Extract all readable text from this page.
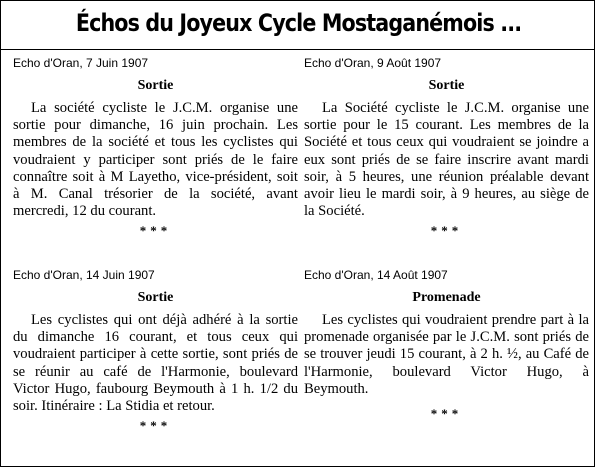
Échos du Joyeux Cycle Mostaganémois ...

Echo d'Oran, 7 Juin 1907

Sortie
La société cycliste le J.C.M. organise une sortie pour dimanche, 16 juin prochain. Les membres de la société et tous les cyclistes qui voudraient y participer sont priés de le faire connaître soit à M Layetho, vice-président, soit à M. Canal trésorier de la société, avant mercredi, 12 du courant.
***

Echo d'Oran, 9 Août 1907

Sortie
La Société cycliste le J.C.M. organise une sortie pour le 15 courant. Les membres de la Société et tous ceux qui voudraient se joindre a eux sont priés de se faire inscrire avant mardi soir, à 5 heures, une réunion préalable devant avoir lieu le mardi soir, à 9 heures, au siège de la Société.
***

Echo d'Oran, 14 Juin 1907

Sortie
Les cyclistes qui ont déjà adhéré à la sortie du dimanche 16 courant, et tous ceux qui voudraient participer à cette sortie, sont priés de se réunir au café de l'Harmonie, boulevard Victor Hugo, faubourg Beymouth à 1 h. 1/2 du soir. Itinéraire : La Stidia et retour.
***

Echo d'Oran, 14 Août 1907

Promenade
Les cyclistes qui voudraient prendre part à la promenade organisée par le J.C.M. sont priés de se trouver jeudi 15 courant, à 2 h. ½, au Café de l'Harmonie, boulevard Victor Hugo, à Beymouth.
***
